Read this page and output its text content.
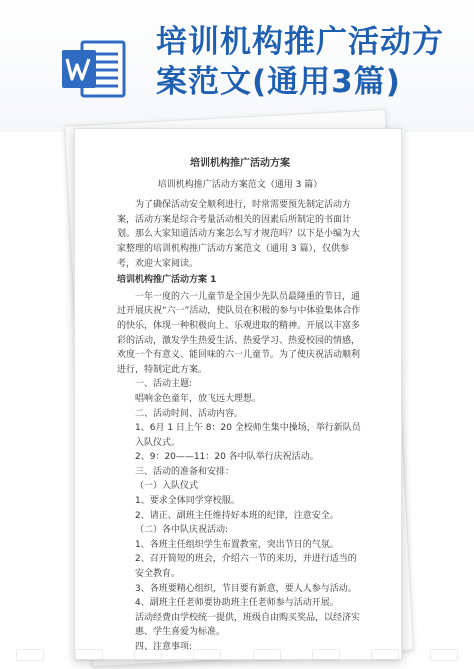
培训机构推广活动方案范文(通用3篇)
培训机构推广活动方案
培训机构推广活动方案范文（通用 3 篇）

为了确保活动安全顺利进行，时常需要预先制定活动方案，活动方案是综合考量活动相关的因素后所制定的书面计划。那么大家知道活动方案怎么写才规范吗？以下是小编为大家整理的培训机构推广活动方案范文（通用 3 篇），仅供参考，欢迎大家阅读。

培训机构推广活动方案 1

一年一度的六一儿童节是全国少先队员最隆重的节日，通过开展庆祝“六一”活动，使队员在积极的参与中体验集体合作的快乐，体现一种积极向上、乐观进取的精神。开展以丰富多彩的活动，激发学生热爱生活、热爱学习、热爱校园的情感，欢度一个有意义、能回味的六一儿童节。为了使庆祝活动顺利进行，特制定此方案。

一、活动主题:

唱响金色童年，放飞远大理想。

二、活动时间、活动内容。

1、6月 1 日上午 8：20 全校师生集中操场，举行新队员入队仪式。

2、9：20——11：20 各中队举行庆祝活动。

三、活动的准备和安排：

（一）入队仪式

1、要求全体同学穿校服。

2、请正、副班主任维持好本班的纪律，注意安全。

（二）各中队庆祝活动:

1、各班主任组织学生布置教室，突出节日的气氛。

2、召开简短的班会，介绍六一节的来历，并进行适当的安全教育。

3、各班要精心组织，节目要有新意，要人人参与活动。

4、副班主任老师要协助班主任老师参与活动开展。

活动经费由学校统一提供，班级自由购买奖品，以经济实惠、学生喜爱为标准。

四、注意事项:
